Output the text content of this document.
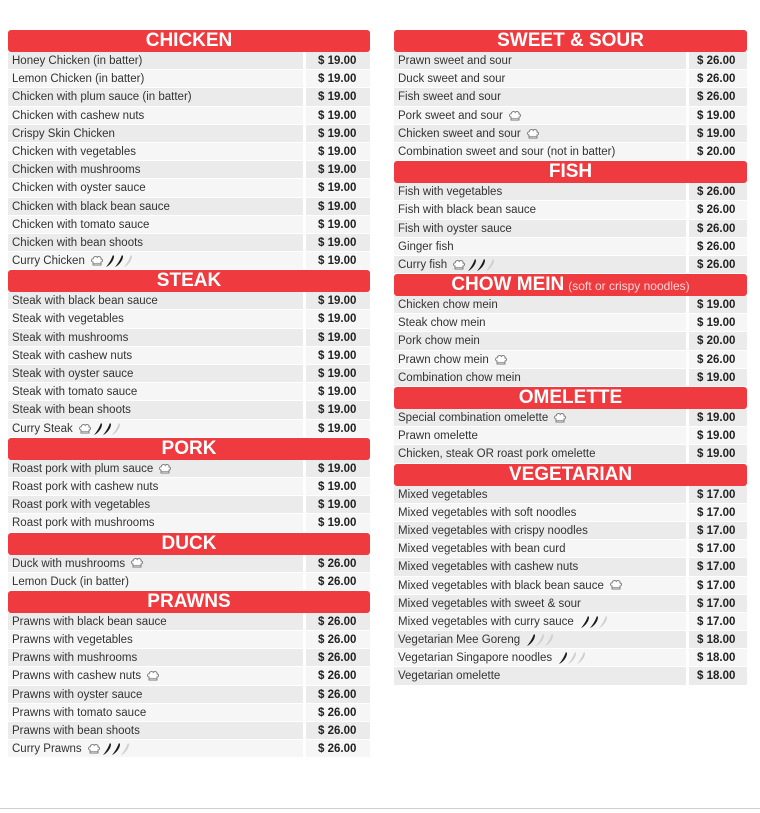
CHICKEN
Honey Chicken (in batter)	$ 19.00
Lemon Chicken (in batter)	$ 19.00
Chicken with plum sauce (in batter)	$ 19.00
Chicken with cashew nuts	$ 19.00
Crispy Skin Chicken	$ 19.00
Chicken with vegetables	$ 19.00
Chicken with mushrooms	$ 19.00
Chicken with oyster sauce	$ 19.00
Chicken with black bean sauce	$ 19.00
Chicken with tomato sauce	$ 19.00
Chicken with bean shoots	$ 19.00
Curry Chicken	$ 19.00
STEAK
Steak with black bean sauce	$ 19.00
Steak with vegetables	$ 19.00
Steak with mushrooms	$ 19.00
Steak with cashew nuts	$ 19.00
Steak with oyster sauce	$ 19.00
Steak with tomato sauce	$ 19.00
Steak with bean shoots	$ 19.00
Curry Steak	$ 19.00
PORK
Roast pork with plum sauce	$ 19.00
Roast pork with cashew nuts	$ 19.00
Roast pork with vegetables	$ 19.00
Roast pork with mushrooms	$ 19.00
DUCK
Duck with mushrooms	$ 26.00
Lemon Duck (in batter)	$ 26.00
PRAWNS
Prawns with black bean sauce	$ 26.00
Prawns with vegetables	$ 26.00
Prawns with mushrooms	$ 26.00
Prawns with cashew nuts	$ 26.00
Prawns with oyster sauce	$ 26.00
Prawns with tomato sauce	$ 26.00
Prawns with bean shoots	$ 26.00
Curry Prawns	$ 26.00
SWEET & SOUR
Prawn sweet and sour	$ 26.00
Duck sweet and sour	$ 26.00
Fish sweet and sour	$ 26.00
Pork sweet and sour	$ 19.00
Chicken sweet and sour	$ 19.00
Combination sweet and sour (not in batter)	$ 20.00
FISH
Fish with vegetables	$ 26.00
Fish with black bean sauce	$ 26.00
Fish with oyster sauce	$ 26.00
Ginger fish	$ 26.00
Curry fish	$ 26.00
CHOW MEIN (soft or crispy noodles)
Chicken chow mein	$ 19.00
Steak chow mein	$ 19.00
Pork chow mein	$ 20.00
Prawn chow mein	$ 26.00
Combination chow mein	$ 19.00
OMELETTE
Special combination omelette	$ 19.00
Prawn omelette	$ 19.00
Chicken, steak OR roast pork omelette	$ 19.00
VEGETARIAN
Mixed vegetables	$ 17.00
Mixed vegetables with soft noodles	$ 17.00
Mixed vegetables with crispy noodles	$ 17.00
Mixed vegetables with bean curd	$ 17.00
Mixed vegetables with cashew nuts	$ 17.00
Mixed vegetables with black bean sauce	$ 17.00
Mixed vegetables with sweet & sour	$ 17.00
Mixed vegetables with curry sauce	$ 17.00
Vegetarian Mee Goreng	$ 18.00
Vegetarian Singapore noodles	$ 18.00
Vegetarian omelette	$ 18.00
